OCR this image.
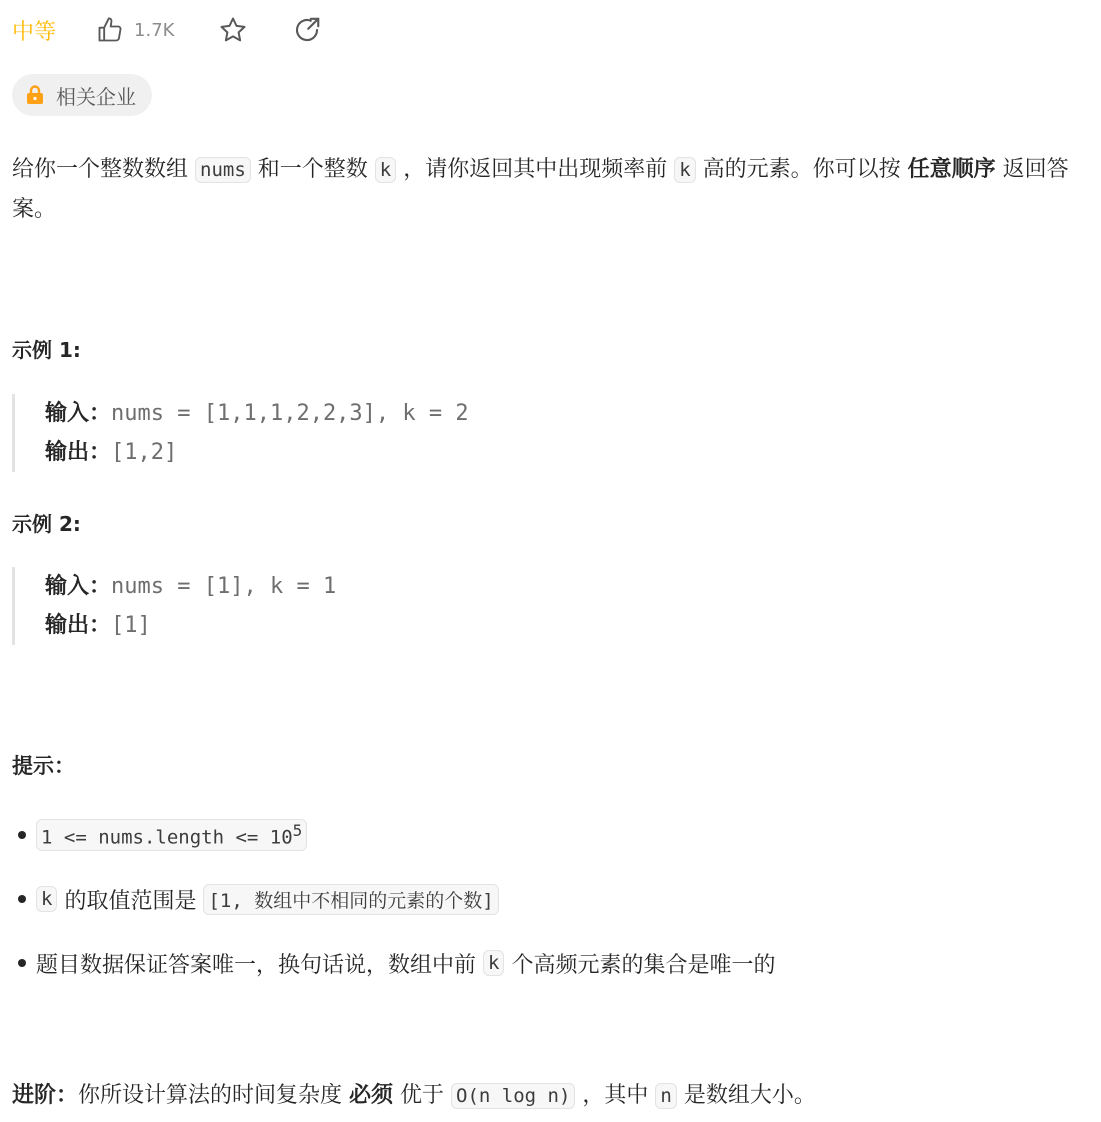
中等	1.7K
相关企业
给你一个整数数组 nums 和一个整数 k ，请你返回其中出现频率前 k 高的元素。你可以按 任意顺序 返回答案。
示例 1:
输入：nums = [1,1,1,2,2,3], k = 2
输出：[1,2]
示例 2:
输入：nums = [1], k = 1
输出：[1]
提示：
1 <= nums.length <= $10^5$
k 的取值范围是 [1, 数组中不相同的元素的个数]
题目数据保证答案唯一，换句话说，数组中前 k 个高频元素的集合是唯一的
进阶：你所设计算法的时间复杂度 必须 优于 O(n log n) ，其中 n 是数组大小。
